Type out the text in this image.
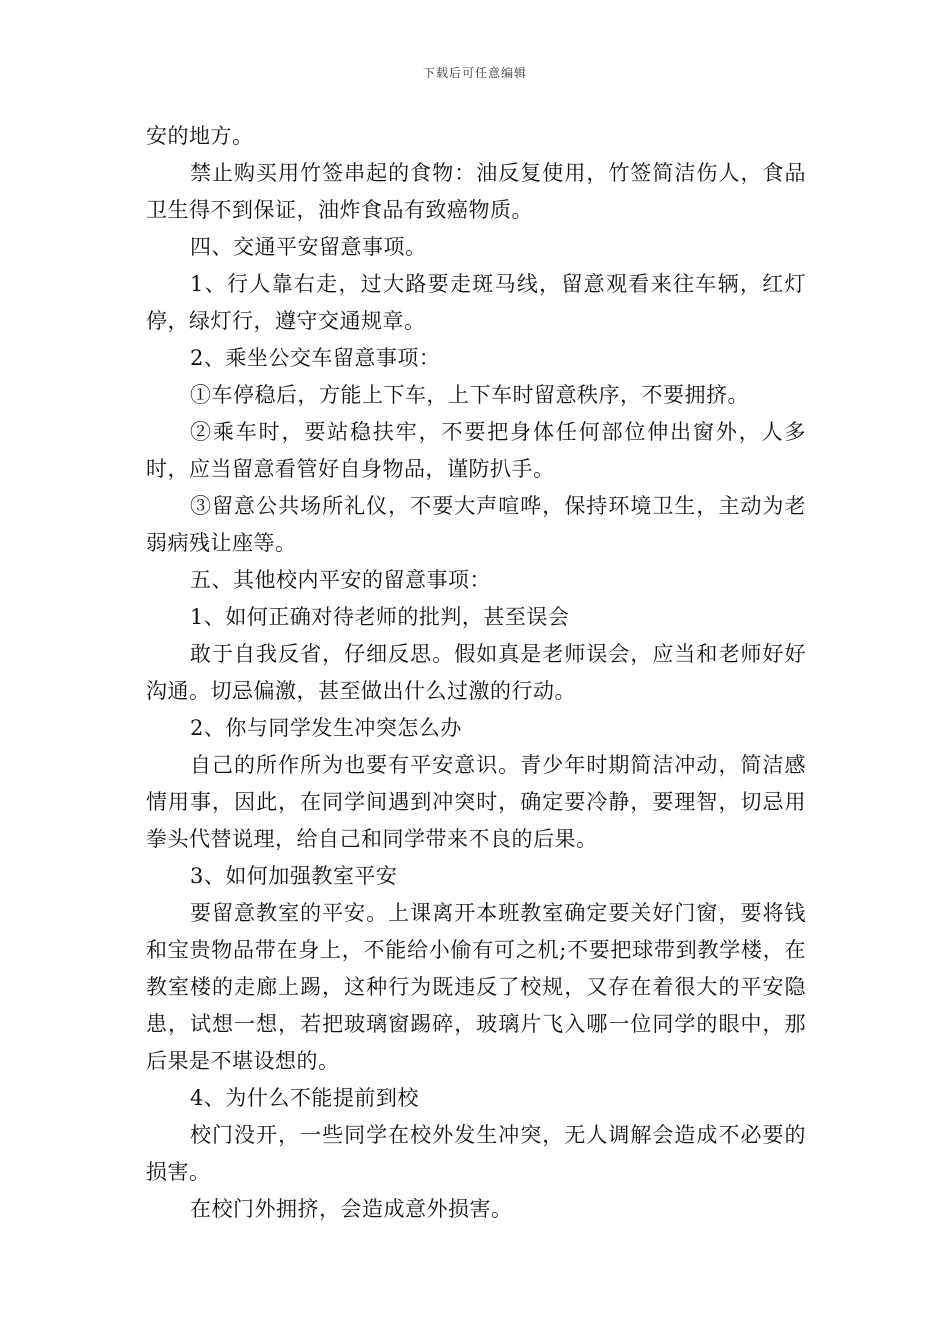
下载后可任意编辑

安的地方。

禁止购买用竹签串起的食物：油反复使用，竹签简洁伤人，食品卫生得不到保证，油炸食品有致癌物质。

四、交通平安留意事项。

1、行人靠右走，过大路要走斑马线，留意观看来往车辆，红灯停，绿灯行，遵守交通规章。

2、乘坐公交车留意事项：

①车停稳后，方能上下车，上下车时留意秩序，不要拥挤。

②乘车时，要站稳扶牢，不要把身体任何部位伸出窗外，人多时，应当留意看管好自身物品，谨防扒手。

③留意公共场所礼仪，不要大声喧哗，保持环境卫生，主动为老弱病残让座等。

五、其他校内平安的留意事项：

1、如何正确对待老师的批判，甚至误会

敢于自我反省，仔细反思。假如真是老师误会，应当和老师好好沟通。切忌偏激，甚至做出什么过激的行动。

2、你与同学发生冲突怎么办

自己的所作所为也要有平安意识。青少年时期简洁冲动，简洁感情用事，因此，在同学间遇到冲突时，确定要冷静，要理智，切忌用拳头代替说理，给自己和同学带来不良的后果。

3、如何加强教室平安

要留意教室的平安。上课离开本班教室确定要关好门窗，要将钱和宝贵物品带在身上，不能给小偷有可之机;不要把球带到教学楼，在教室楼的走廊上踢，这种行为既违反了校规，又存在着很大的平安隐患，试想一想，若把玻璃窗踢碎，玻璃片飞入哪一位同学的眼中，那后果是不堪设想的。

4、为什么不能提前到校

校门没开，一些同学在校外发生冲突，无人调解会造成不必要的损害。

在校门外拥挤，会造成意外损害。
